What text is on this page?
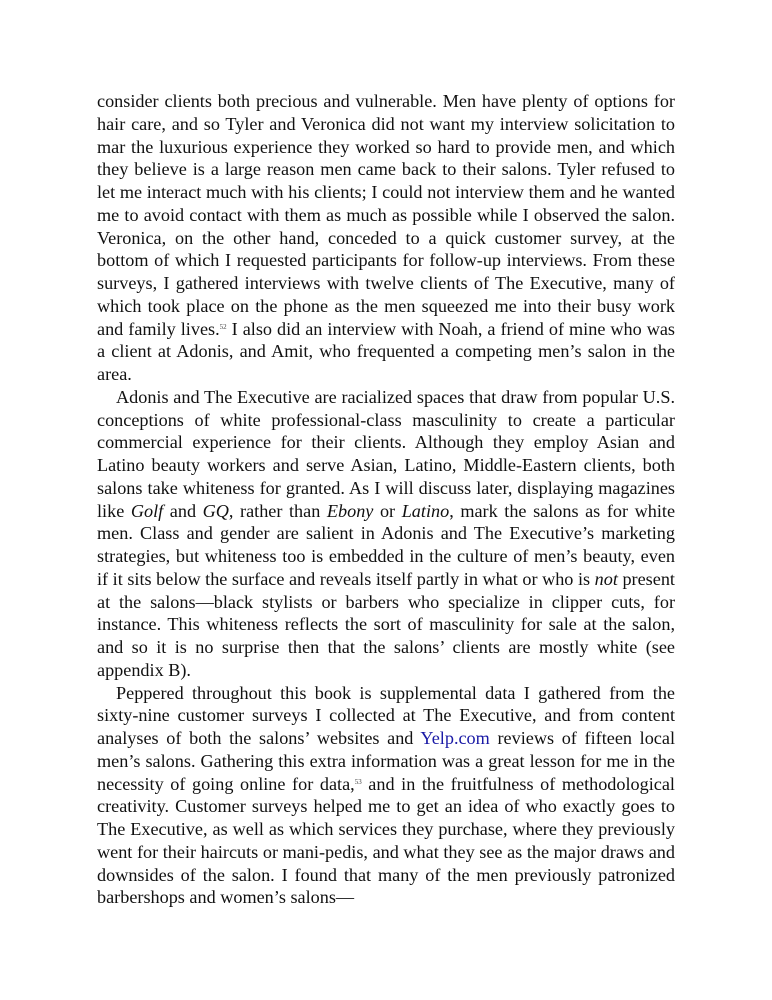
consider clients both precious and vulnerable. Men have plenty of options for hair care, and so Tyler and Veronica did not want my interview solicitation to mar the luxurious experience they worked so hard to provide men, and which they believe is a large reason men came back to their salons. Tyler refused to let me interact much with his clients; I could not interview them and he wanted me to avoid contact with them as much as possible while I observed the salon. Veronica, on the other hand, conceded to a quick customer survey, at the bottom of which I requested participants for follow-up interviews. From these surveys, I gathered interviews with twelve clients of The Executive, many of which took place on the phone as the men squeezed me into their busy work and family lives.$^{52}$ I also did an interview with Noah, a friend of mine who was a client at Adonis, and Amit, who frequented a competing men’s salon in the area.

Adonis and The Executive are racialized spaces that draw from popular U.S. conceptions of white professional-class masculinity to create a particular commercial experience for their clients. Although they employ Asian and Latino beauty workers and serve Asian, Latino, Middle-Eastern clients, both salons take whiteness for granted. As I will discuss later, displaying magazines like Golf and GQ, rather than Ebony or Latino, mark the salons as for white men. Class and gender are salient in Adonis and The Executive’s marketing strategies, but whiteness too is embedded in the culture of men’s beauty, even if it sits below the surface and reveals itself partly in what or who is not present at the salons—black stylists or barbers who specialize in clipper cuts, for instance. This whiteness reflects the sort of masculinity for sale at the salon, and so it is no surprise then that the salons’ clients are mostly white (see appendix B).

Peppered throughout this book is supplemental data I gathered from the sixty-nine customer surveys I collected at The Executive, and from content analyses of both the salons’ websites and Yelp.com reviews of fifteen local men’s salons. Gathering this extra information was a great lesson for me in the necessity of going online for data,$^{53}$ and in the fruitfulness of methodological creativity. Customer surveys helped me to get an idea of who exactly goes to The Executive, as well as which services they purchase, where they previously went for their haircuts or mani-pedis, and what they see as the major draws and downsides of the salon. I found that many of the men previously patronized barbershops and women’s salons—
